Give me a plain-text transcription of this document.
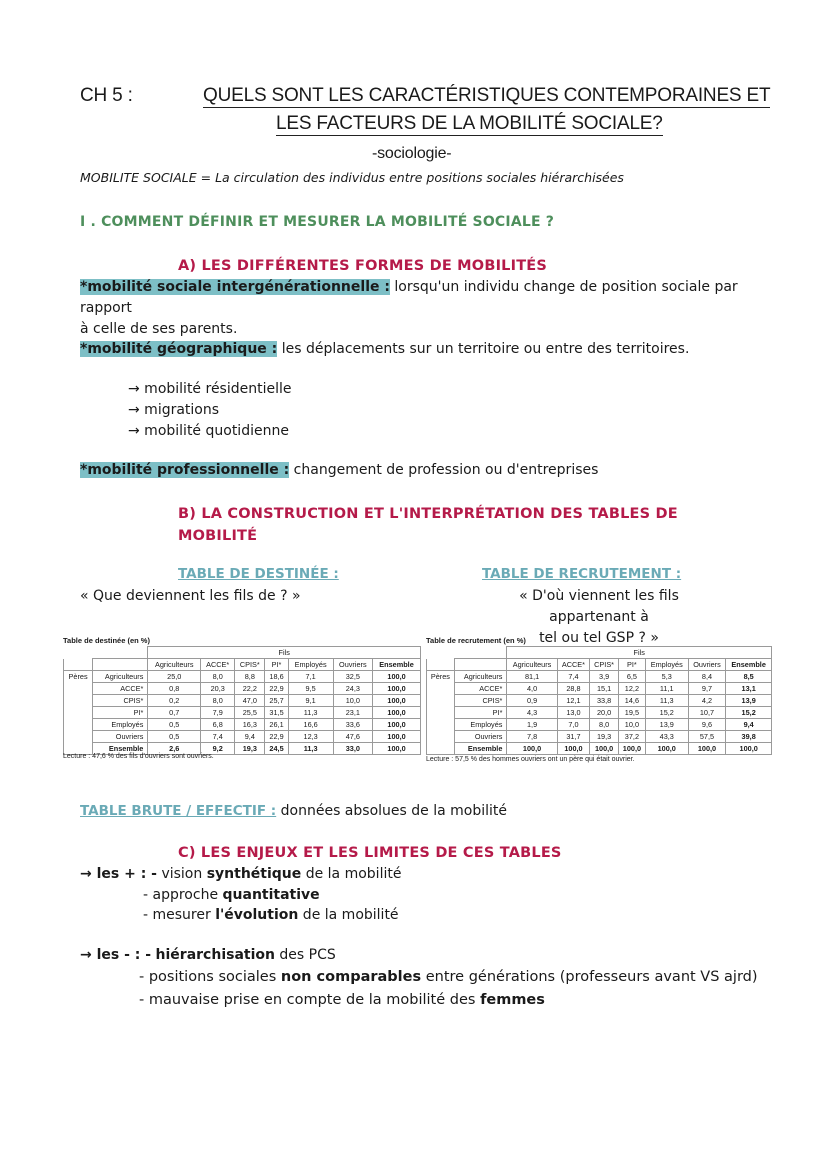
CH 5 :	QUELS SONT LES CARACTÉRISTIQUES CONTEMPORAINES ET
LES FACTEURS DE LA MOBILITÉ SOCIALE?
-sociologie-
MOBILITE SOCIALE = La circulation des individus entre positions sociales hiérarchisées
I . COMMENT DÉFINIR ET MESURER LA MOBILITÉ SOCIALE ?
A) LES DIFFÉRENTES FORMES DE MOBILITÉS
*mobilité sociale intergénérationnelle : lorsqu'un individu change de position sociale par rapport
à celle de ses parents.
*mobilité géographique : les déplacements sur un territoire ou entre des territoires.
→ mobilité résidentielle
→ migrations
→ mobilité quotidienne
*mobilité professionnelle : changement de profession ou d'entreprises
B) LA CONSTRUCTION ET L'INTERPRÉTATION DES TABLES DE
MOBILITÉ
TABLE DE DESTINÉE :
« Que deviennent les fils de ? »
TABLE DE RECRUTEMENT :
« D'où viennent les fils appartenant à
tel ou tel GSP ? »
Table de destinée (en %)
		Fils						
		Agriculteurs	ACCE*	CPIS*	PI*	Employés	Ouvriers	Ensemble
Pères	Agriculteurs	25,0	8,0	8,8	18,6	7,1	32,5	100,0
	ACCE*	0,8	20,3	22,2	22,9	9,5	24,3	100,0
	CPIS*	0,2	8,0	47,0	25,7	9,1	10,0	100,0
	PI*	0,7	7,9	25,5	31,5	11,3	23,1	100,0
	Employés	0,5	6,8	16,3	26,1	16,6	33,6	100,0
	Ouvriers	0,5	7,4	9,4	22,9	12,3	47,6	100,0
	Ensemble	2,6	9,2	19,3	24,5	11,3	33,0	100,0
Lecture : 47,6 % des fils d'ouvriers sont ouvriers.
Table de recrutement (en %)
		Fils						
		Agriculteurs	ACCE*	CPIS*	PI*	Employés	Ouvriers	Ensemble
Pères	Agriculteurs	81,1	7,4	3,9	6,5	5,3	8,4	8,5
	ACCE*	4,0	28,8	15,1	12,2	11,1	9,7	13,1
	CPIS*	0,9	12,1	33,8	14,6	11,3	4,2	13,9
	PI*	4,3	13,0	20,0	19,5	15,2	10,7	15,2
	Employés	1,9	7,0	8,0	10,0	13,9	9,6	9,4
	Ouvriers	7,8	31,7	19,3	37,2	43,3	57,5	39,8
	Ensemble	100,0	100,0	100,0	100,0	100,0	100,0	100,0
Lecture : 57,5 % des hommes ouvriers ont un père qui était ouvrier.
TABLE BRUTE / EFFECTIF : données absolues de la mobilité
C) LES ENJEUX ET LES LIMITES DE CES TABLES
→ les + : - vision synthétique de la mobilité
- approche quantitative
- mesurer l'évolution de la mobilité
→ les - : - hiérarchisation des PCS
- positions sociales non comparables entre générations (professeurs avant VS ajrd)
- mauvaise prise en compte de la mobilité des femmes
